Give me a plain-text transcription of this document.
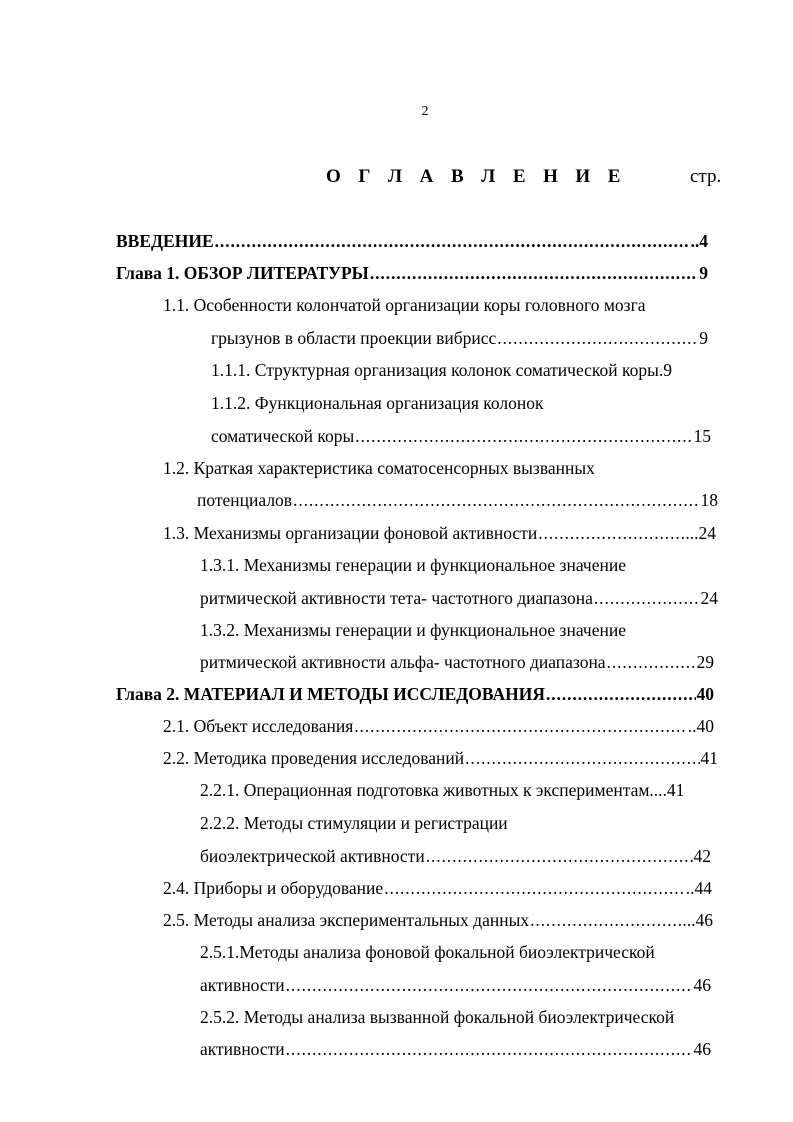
2
О Г Л А В Л Е Н И Е	стр.
ВВЕДЕНИЕ .....	..4
Глава 1. ОБЗОР ЛИТЕРАТУРЫ .....	9
1.1. Особенности колончатой организации коры головного мозга
грызунов в области проекции вибрисс .....	9
1.1.1. Структурная организация колонок соматической коры.9
1.1.2. Функциональная организация колонок
соматической коры .....	15
1.2. Краткая характеристика соматосенсорных вызванных
потенциалов .....	18
1.3. Механизмы организации фоновой активности .....	...24
1.3.1. Механизмы генерации и функциональное значение
ритмической активности тета- частотного диапазона .....	24
1.3.2. Механизмы генерации и функциональное значение
ритмической активности альфа- частотного диапазона .....	29
Глава 2. МАТЕРИАЛ И МЕТОДЫ ИССЛЕДОВАНИЯ .....	40
2.1. Объект исследования .....	..40
2.2. Методика проведения исследований .....	41
2.2.1. Операционная подготовка животных к экспериментам....41
2.2.2. Методы стимуляции и регистрации
биоэлектрической активности .....	42
2.4. Приборы и оборудование .....	..44
2.5. Методы анализа экспериментальных данных .....	...46
2.5.1.Методы анализа фоновой фокальной биоэлектрической
активности .....	46
2.5.2. Методы анализа вызванной фокальной биоэлектрической
активности .....	46
